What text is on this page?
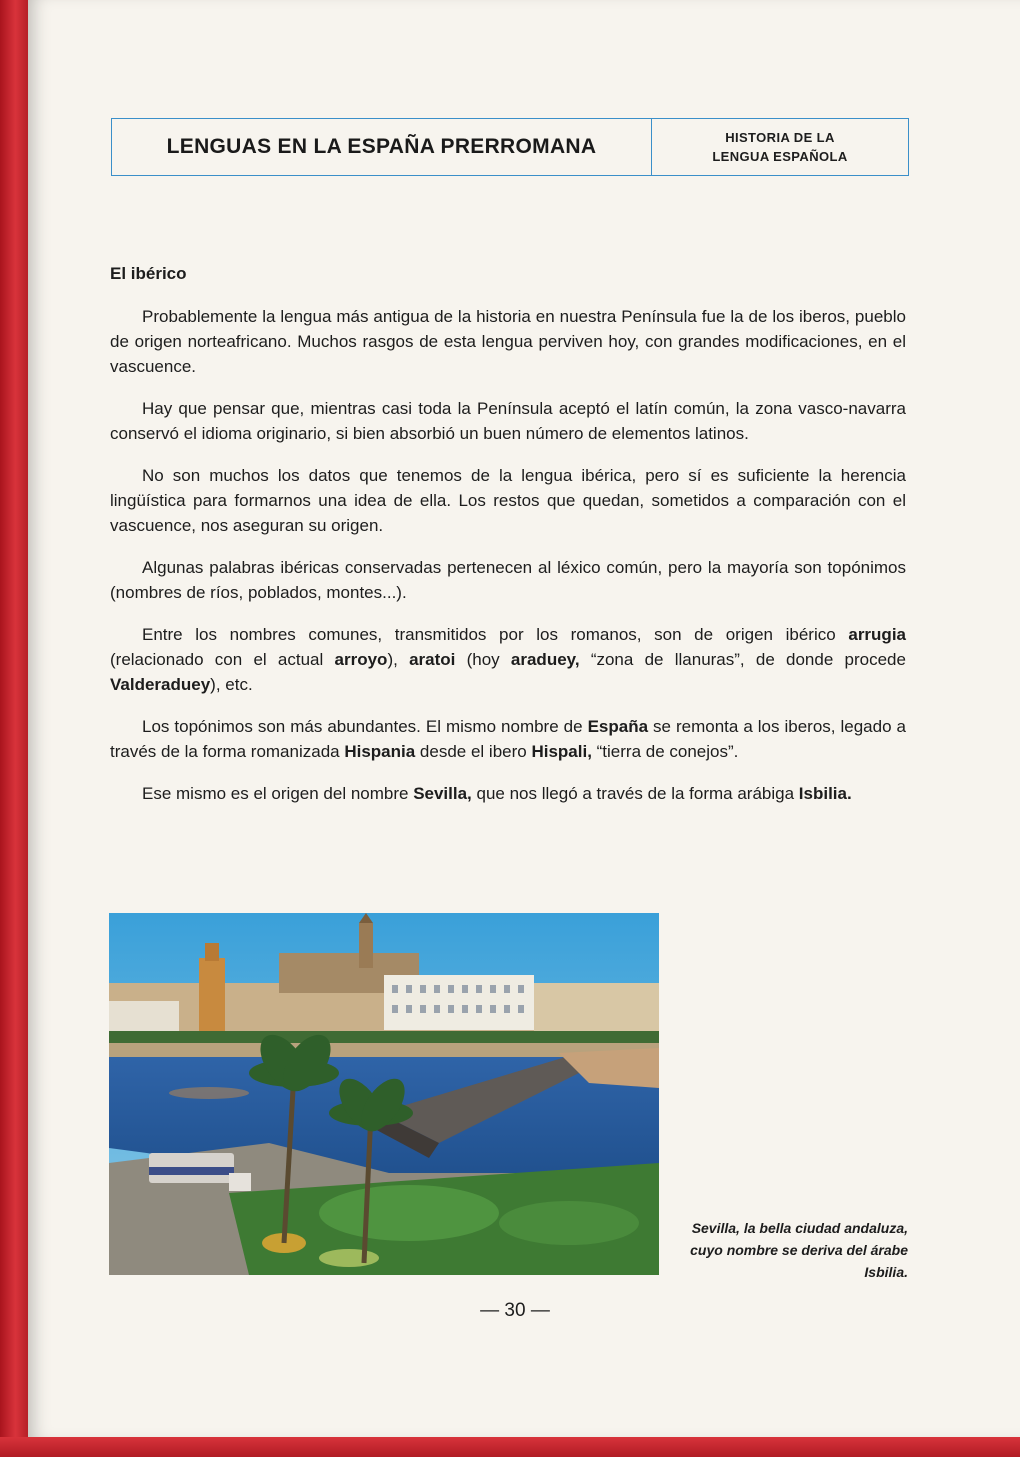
LENGUAS EN LA ESPAÑA PRERROMANA	HISTORIA DE LA
LENGUA ESPAÑOLA
El ibérico

Probablemente la lengua más antigua de la historia en nuestra Península fue la de los iberos, pueblo de origen norteafricano. Muchos rasgos de esta lengua perviven hoy, con grandes modificaciones, en el vascuence.

Hay que pensar que, mientras casi toda la Península aceptó el latín común, la zona vasco-navarra conservó el idioma originario, si bien absorbió un buen número de elementos latinos.

No son muchos los datos que tenemos de la lengua ibérica, pero sí es suficiente la herencia lingüística para formarnos una idea de ella. Los restos que quedan, sometidos a comparación con el vascuence, nos aseguran su origen.

Algunas palabras ibéricas conservadas pertenecen al léxico común, pero la mayoría son topónimos (nombres de ríos, poblados, montes...).

Entre los nombres comunes, transmitidos por los romanos, son de origen ibérico arrugia (relacionado con el actual arroyo), aratoi (hoy araduey, “zona de llanuras”, de donde procede Valderaduey), etc.

Los topónimos son más abundantes. El mismo nombre de España se remonta a los iberos, legado a través de la forma romanizada Hispania desde el ibero Hispali, “tierra de conejos”.

Ese mismo es el origen del nombre Sevilla, que nos llegó a través de la forma arábiga Isbilia.

Sevilla, la bella ciudad andaluza, cuyo nombre se deriva del árabe Isbilia.
— 30 —
